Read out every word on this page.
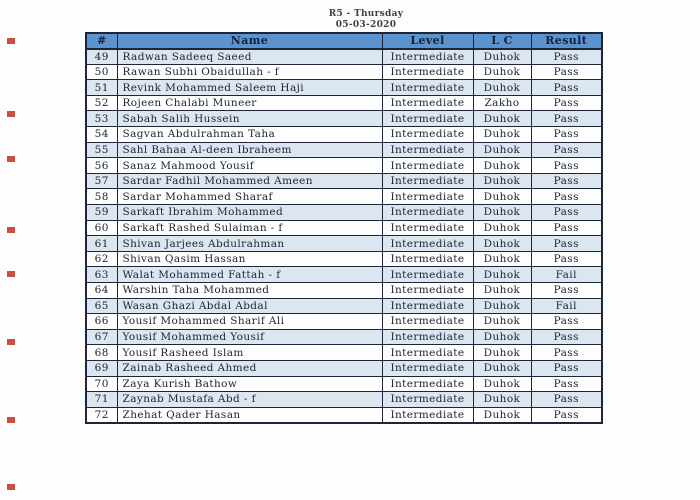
R5 - Thursday
05-03-2020
#	Name	Level	L C	Result
49	Radwan Sadeeq Saeed	Intermediate	Duhok	Pass
50	Rawan Subhi Obaidullah - f	Intermediate	Duhok	Pass
51	Revink Mohammed Saleem Haji	Intermediate	Duhok	Pass
52	Rojeen Chalabi Muneer	Intermediate	Zakho	Pass
53	Sabah Salih Hussein	Intermediate	Duhok	Pass
54	Sagvan Abdulrahman Taha	Intermediate	Duhok	Pass
55	Sahl Bahaa Al-deen Ibraheem	Intermediate	Duhok	Pass
56	Sanaz Mahmood Yousif	Intermediate	Duhok	Pass
57	Sardar Fadhil Mohammed Ameen	Intermediate	Duhok	Pass
58	Sardar Mohammed Sharaf	Intermediate	Duhok	Pass
59	Sarkaft Ibrahim Mohammed	Intermediate	Duhok	Pass
60	Sarkaft Rashed Sulaiman - f	Intermediate	Duhok	Pass
61	Shivan Jarjees Abdulrahman	Intermediate	Duhok	Pass
62	Shivan Qasim Hassan	Intermediate	Duhok	Pass
63	Walat Mohammed Fattah - f	Intermediate	Duhok	Fail
64	Warshin Taha Mohammed	Intermediate	Duhok	Pass
65	Wasan Ghazi Abdal Abdal	Intermediate	Duhok	Fail
66	Yousif Mohammed Sharif Ali	Intermediate	Duhok	Pass
67	Yousif Mohammed Yousif	Intermediate	Duhok	Pass
68	Yousif Rasheed Islam	Intermediate	Duhok	Pass
69	Zainab Rasheed Ahmed	Intermediate	Duhok	Pass
70	Zaya Kurish Bathow	Intermediate	Duhok	Pass
71	Zaynab Mustafa Abd - f	Intermediate	Duhok	Pass
72	Zhehat Qader Hasan	Intermediate	Duhok	Pass
